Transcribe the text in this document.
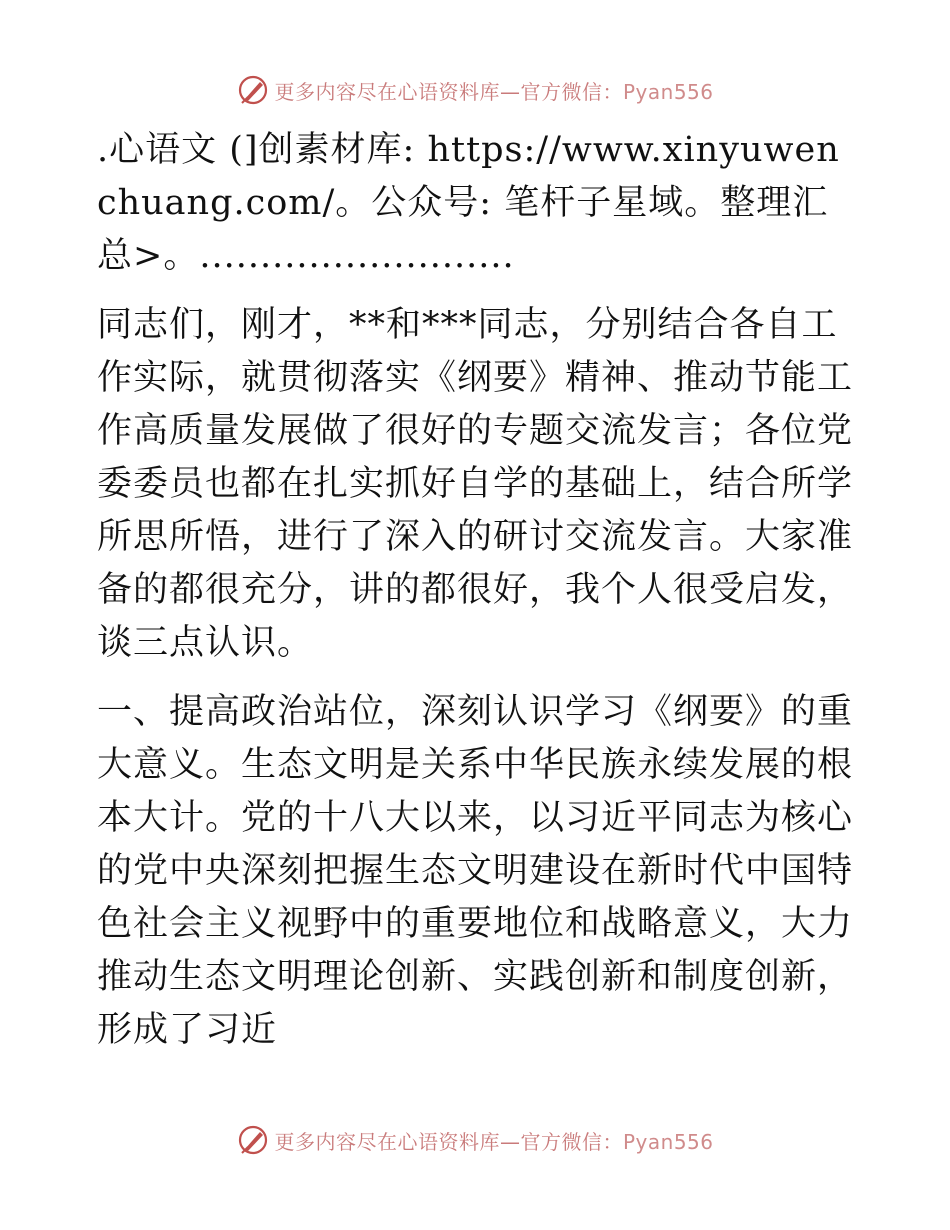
更多内容尽在心语资料库—官方微信：Pyan556

.心语文 (]创素材库: https://www.xinyuwenchuang.com/。公众号: 笔杆子星域。整理汇总>。..........................

同志们，刚才，**和***同志，分别结合各自工作实际，就贯彻落实《纲要》精神、推动节能工作高质量发展做了很好的专题交流发言；各位党委委员也都在扎实抓好自学的基础上，结合所学所思所悟，进行了深入的研讨交流发言。大家准备的都很充分，讲的都很好，我个人很受启发，谈三点认识。

一、提高政治站位，深刻认识学习《纲要》的重大意义。生态文明是关系中华民族永续发展的根本大计。党的十八大以来，以习近平同志为核心的党中央深刻把握生态文明建设在新时代中国特色社会主义视野中的重要地位和战略意义，大力推动生态文明理论创新、实践创新和制度创新，形成了习近

更多内容尽在心语资料库—官方微信：Pyan556
